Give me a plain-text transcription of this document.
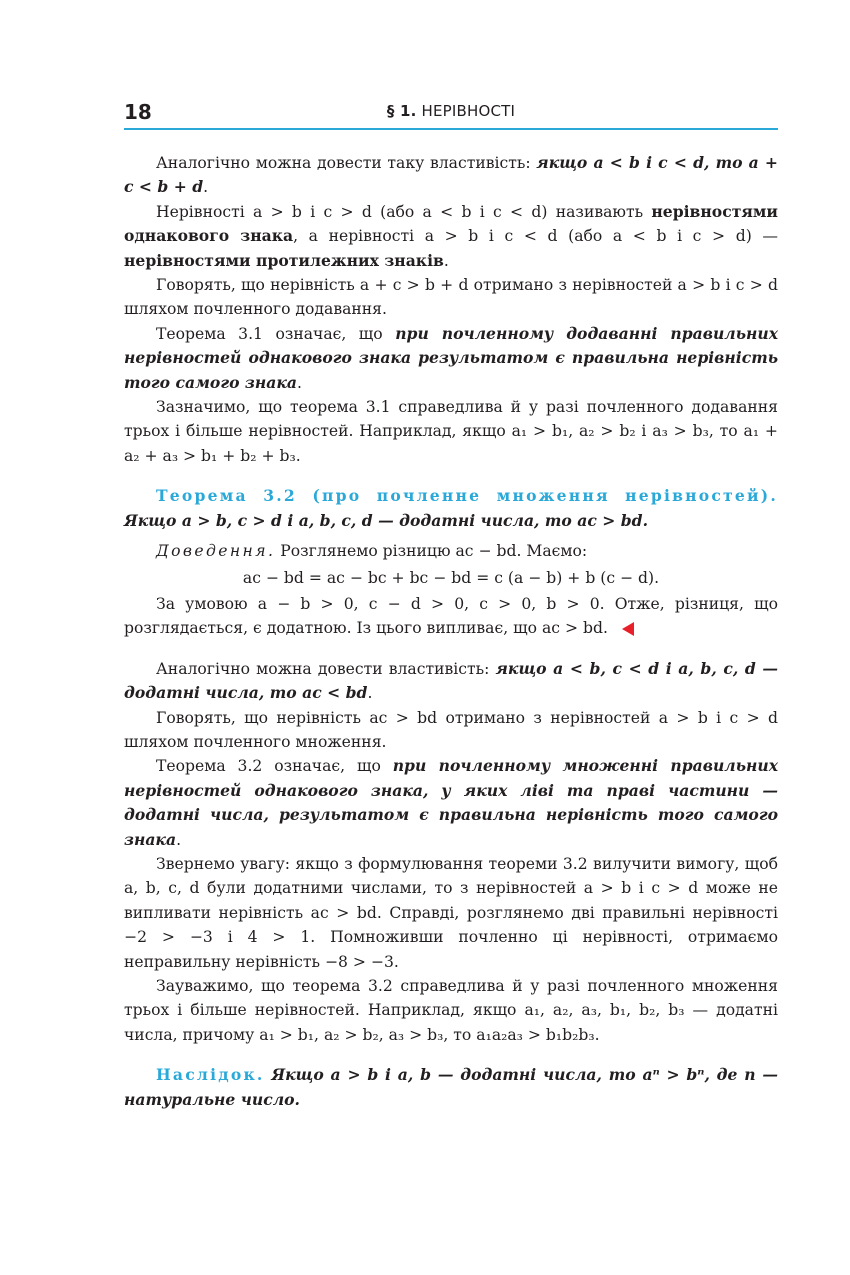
18	§ 1. НЕРІВНОСТІ

Аналогічно можна довести таку властивість: якщо a < b і c < d, то a + c < b + d.

Нерівності a > b і c > d (або a < b і c < d) називають нерівностями однакового знака, а нерівності a > b і c < d (або a < b і c > d) — нерівностями протилежних знаків.

Говорять, що нерівність a + c > b + d отримано з нерівностей a > b і c > d шляхом почленного додавання.

Теорема 3.1 означає, що при почленному додаванні правильних нерівностей однакового знака результатом є правильна нерівність того самого знака.

Зазначимо, що теорема 3.1 справедлива й у разі почленного додавання трьох і більше нерівностей. Наприклад, якщо a₁ > b₁, a₂ > b₂ і a₃ > b₃, то a₁ + a₂ + a₃ > b₁ + b₂ + b₃.

Теорема 3.2 (про почленне множення нерівностей). Якщо a > b, c > d і a, b, c, d — додатні числа, то ac > bd.

Доведення. Розглянемо різницю ac − bd. Маємо:

ac − bd = ac − bc + bc − bd = c (a − b) + b (c − d).

За умовою a − b > 0, c − d > 0, c > 0, b > 0. Отже, різниця, що розглядається, є додатною. Із цього випливає, що ac > bd.

Аналогічно можна довести властивість: якщо a < b, c < d і a, b, c, d — додатні числа, то ac < bd.

Говорять, що нерівність ac > bd отримано з нерівностей a > b і c > d шляхом почленного множення.

Теорема 3.2 означає, що при почленному множенні правильних нерівностей однакового знака, у яких ліві та праві частини — додатні числа, результатом є правильна нерівність того самого знака.

Звернемо увагу: якщо з формулювання теореми 3.2 вилучити вимогу, щоб a, b, c, d були додатними числами, то з нерівностей a > b і c > d може не випливати нерівність ac > bd. Справді, розглянемо дві правильні нерівності −2 > −3 і 4 > 1. Помноживши почленно ці нерівності, отримаємо неправильну нерівність −8 > −3.

Зауважимо, що теорема 3.2 справедлива й у разі почленного множення трьох і більше нерівностей. Наприклад, якщо a₁, a₂, a₃, b₁, b₂, b₃ — додатні числа, причому a₁ > b₁, a₂ > b₂, a₃ > b₃, то a₁a₂a₃ > b₁b₂b₃.

Наслідок. Якщо a > b і a, b — додатні числа, то aⁿ > bⁿ, де n — натуральне число.
